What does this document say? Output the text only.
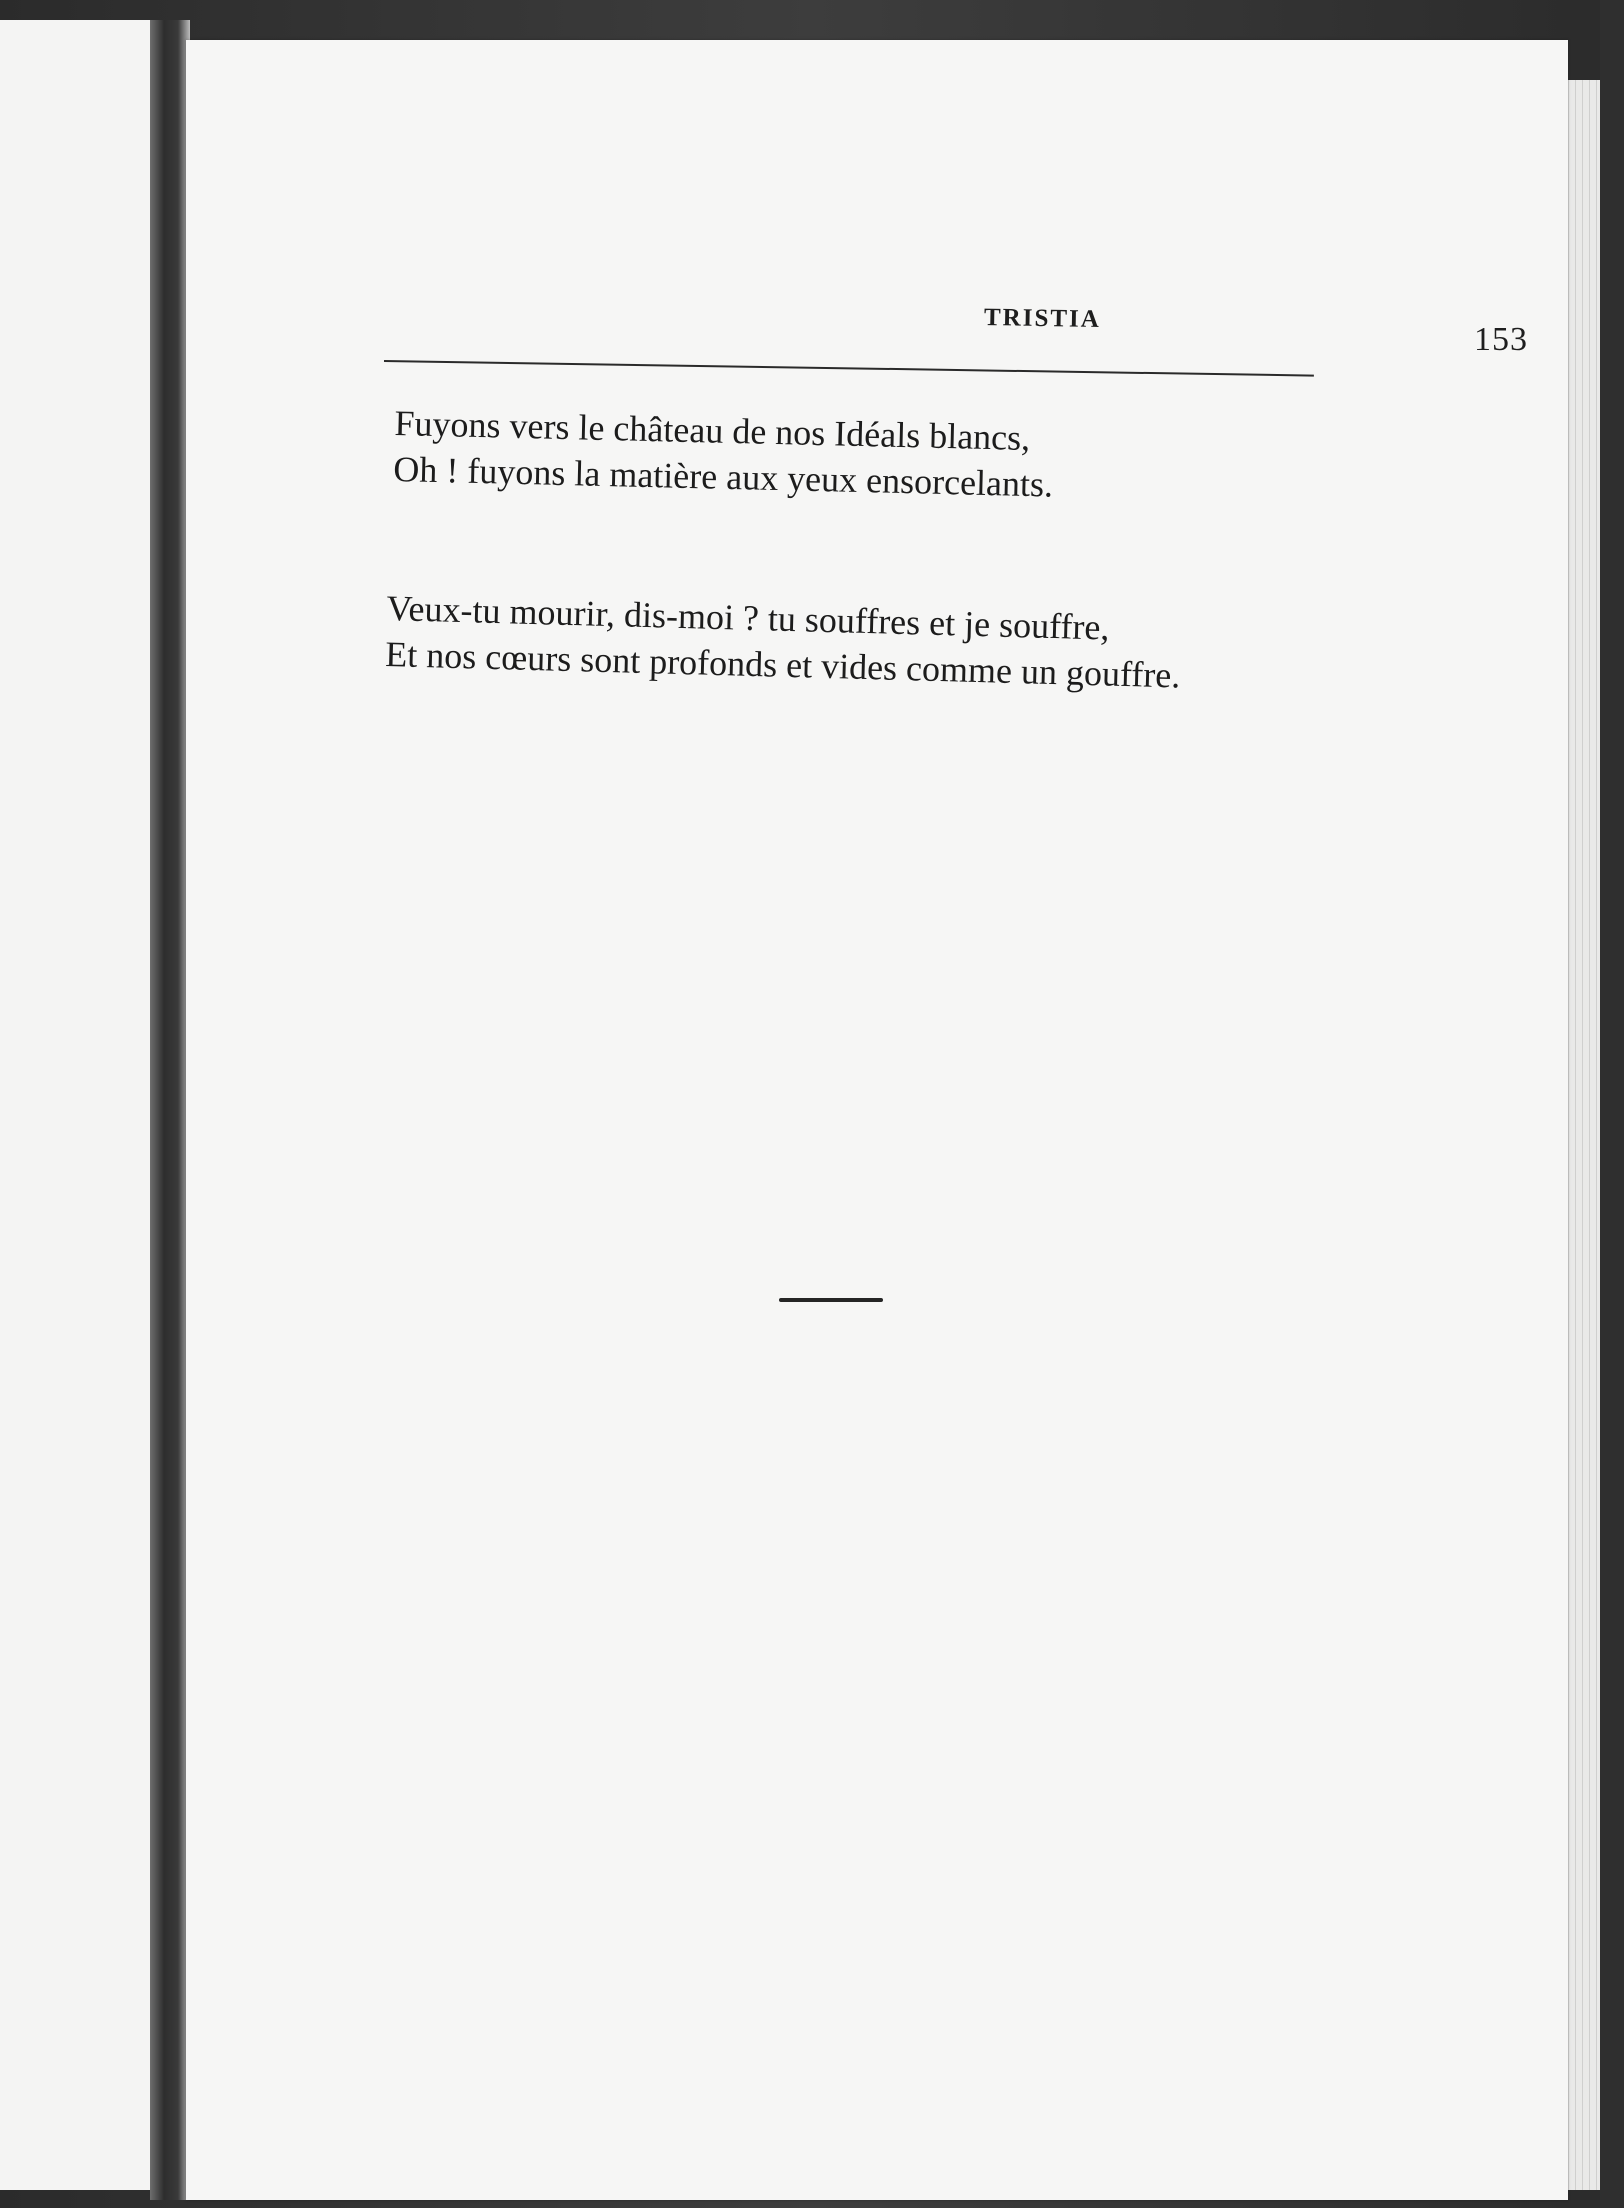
TRISTIA
153
Fuyons vers le château de nos Idéals blancs,
Oh ! fuyons la matière aux yeux ensorcelants.
Veux-tu mourir, dis-moi ? tu souffres et je souffre,
Et nos cœurs sont profonds et vides comme un gouffre.
